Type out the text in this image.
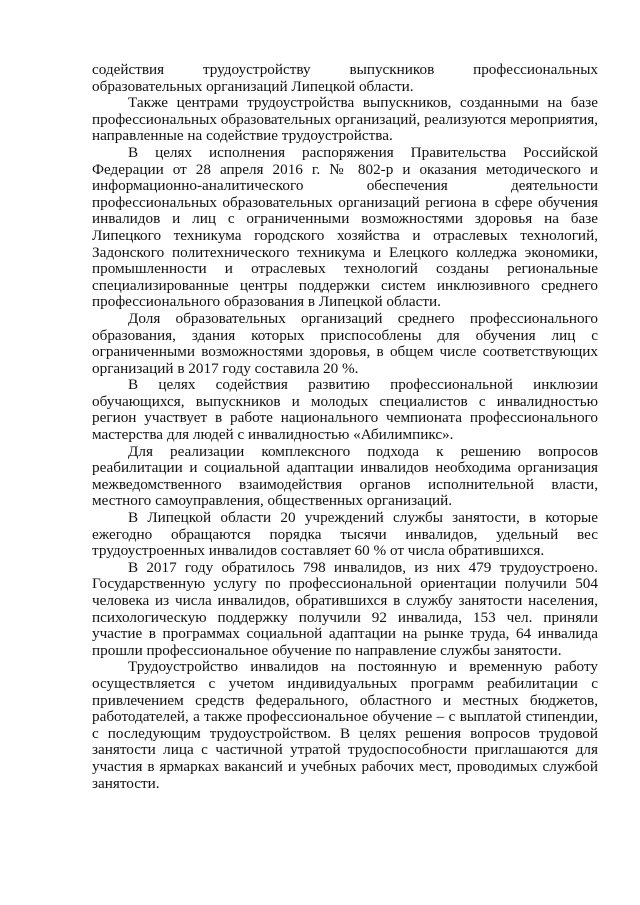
содействия трудоустройству выпускников профессиональных образовательных организаций Липецкой области.

Также центрами трудоустройства выпускников, созданными на базе профессиональных образовательных организаций, реализуются мероприятия, направленные на содействие трудоустройства.

В целях исполнения распоряжения Правительства Российской Федерации от 28 апреля 2016 г. № 802-р и оказания методического и информационно-аналитического обеспечения деятельности профессиональных образовательных организаций региона в сфере обучения инвалидов и лиц с ограниченными возможностями здоровья на базе Липецкого техникума городского хозяйства и отраслевых технологий, Задонского политехнического техникума и Елецкого колледжа экономики, промышленности и отраслевых технологий созданы региональные специализированные центры поддержки систем инклюзивного среднего профессионального образования в Липецкой области.

Доля образовательных организаций среднего профессионального образования, здания которых приспособлены для обучения лиц с ограниченными возможностями здоровья, в общем числе соответствующих организаций в 2017 году составила 20 %.

В целях содействия развитию профессиональной инклюзии обучающихся, выпускников и молодых специалистов с инвалидностью регион участвует в работе национального чемпионата профессионального мастерства для людей с инвалидностью «Абилимпикс».

Для реализации комплексного подхода к решению вопросов реабилитации и социальной адаптации инвалидов необходима организация межведомственного взаимодействия органов исполнительной власти, местного самоуправления, общественных организаций.

В Липецкой области 20 учреждений службы занятости, в которые ежегодно обращаются порядка тысячи инвалидов, удельный вес трудоустроенных инвалидов составляет 60 % от числа обратившихся.

В 2017 году обратилось 798 инвалидов, из них 479 трудоустроено. Государственную услугу по профессиональной ориентации получили 504 человека из числа инвалидов, обратившихся в службу занятости населения, психологическую поддержку получили 92 инвалида, 153 чел. приняли участие в программах социальной адаптации на рынке труда, 64 инвалида прошли профессиональное обучение по направление службы занятости.

Трудоустройство инвалидов на постоянную и временную работу осуществляется с учетом индивидуальных программ реабилитации с привлечением средств федерального, областного и местных бюджетов, работодателей, а также профессиональное обучение – с выплатой стипендии, с последующим трудоустройством. В целях решения вопросов трудовой занятости лица с частичной утратой трудоспособности приглашаются для участия в ярмарках вакансий и учебных рабочих мест, проводимых службой занятости.
